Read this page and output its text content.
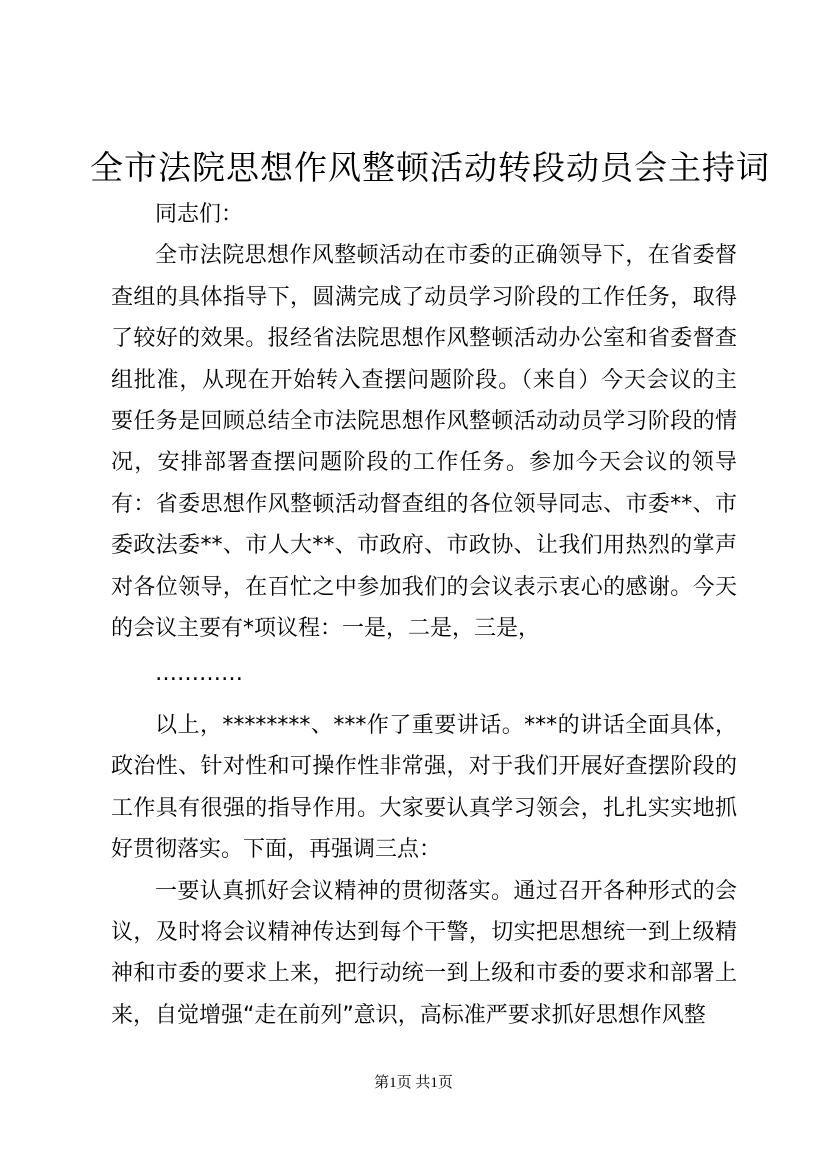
全市法院思想作风整顿活动转段动员会主持词

同志们：

全市法院思想作风整顿活动在市委的正确领导下，在省委督查组的具体指导下，圆满完成了动员学习阶段的工作任务，取得了较好的效果。报经省法院思想作风整顿活动办公室和省委督查组批准，从现在开始转入查摆问题阶段。（来自）今天会议的主要任务是回顾总结全市法院思想作风整顿活动动员学习阶段的情况，安排部署查摆问题阶段的工作任务。参加今天会议的领导有：省委思想作风整顿活动督查组的各位领导同志、市委**、市委政法委**、市人大**、市政府、市政协、让我们用热烈的掌声对各位领导，在百忙之中参加我们的会议表示衷心的感谢。今天的会议主要有*项议程：一是，二是，三是，

…………

以上，********、***作了重要讲话。***的讲话全面具体，政治性、针对性和可操作性非常强，对于我们开展好查摆阶段的工作具有很强的指导作用。大家要认真学习领会，扎扎实实地抓好贯彻落实。下面，再强调三点：

一要认真抓好会议精神的贯彻落实。通过召开各种形式的会议，及时将会议精神传达到每个干警，切实把思想统一到上级精神和市委的要求上来，把行动统一到上级和市委的要求和部署上来，自觉增强“走在前列”意识，高标准严要求抓好思想作风整

第1页 共1页
